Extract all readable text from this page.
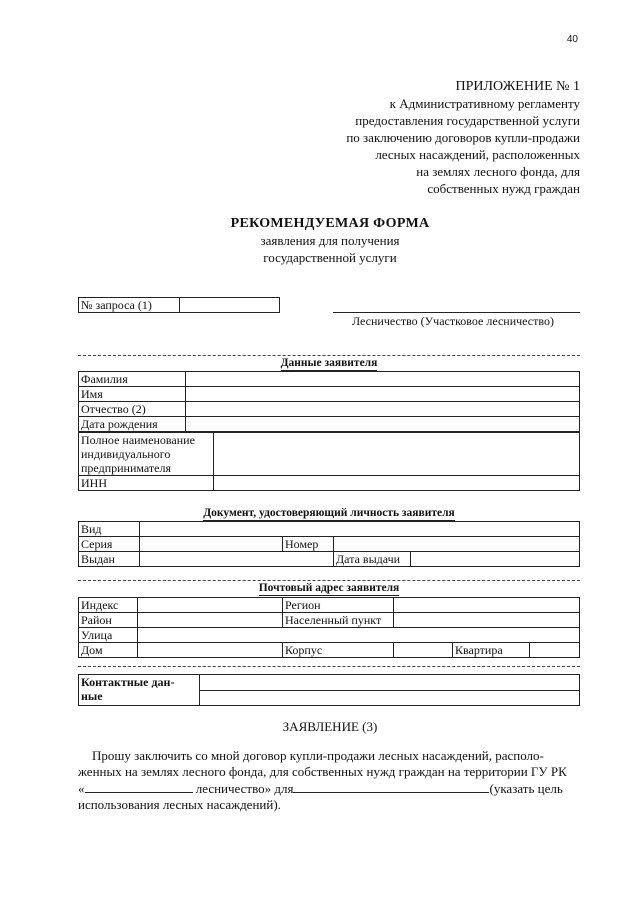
40
ПРИЛОЖЕНИЕ № 1
к Административному регламенту
предоставления государственной услуги
по заключению договоров купли-продажи
лесных насаждений, расположенных
на землях лесного фонда, для
собственных нужд граждан
РЕКОМЕНДУЕМАЯ ФОРМА
заявления для получения
государственной услуги
№ запроса (1)	
Лесничество (Участковое лесничество)
Данные заявителя
Фамилия	
Имя	
Отчество (2)	
Дата рождения	
Полное наименование
индивидуального
предпринимателя	

ИНН	
Документ, удостоверяющий личность заявителя
Вид				
Серия		Номер		
Выдан			Дата выдачи	
Почтовый адрес заявителя
Индекс		Регион			
Район		Населенный пункт			
Улица					
Дом		Корпус		Квартира	
Контактные дан-
ные

ЗАЯВЛЕНИЕ (3)
Прошу заключить со мной договор купли-продажи лесных насаждений, располо-
женных на землях лесного фонда, для собственных нужд граждан на территории ГУ РК
«	лесничество» для	(указать цель
использования лесных насаждений).
